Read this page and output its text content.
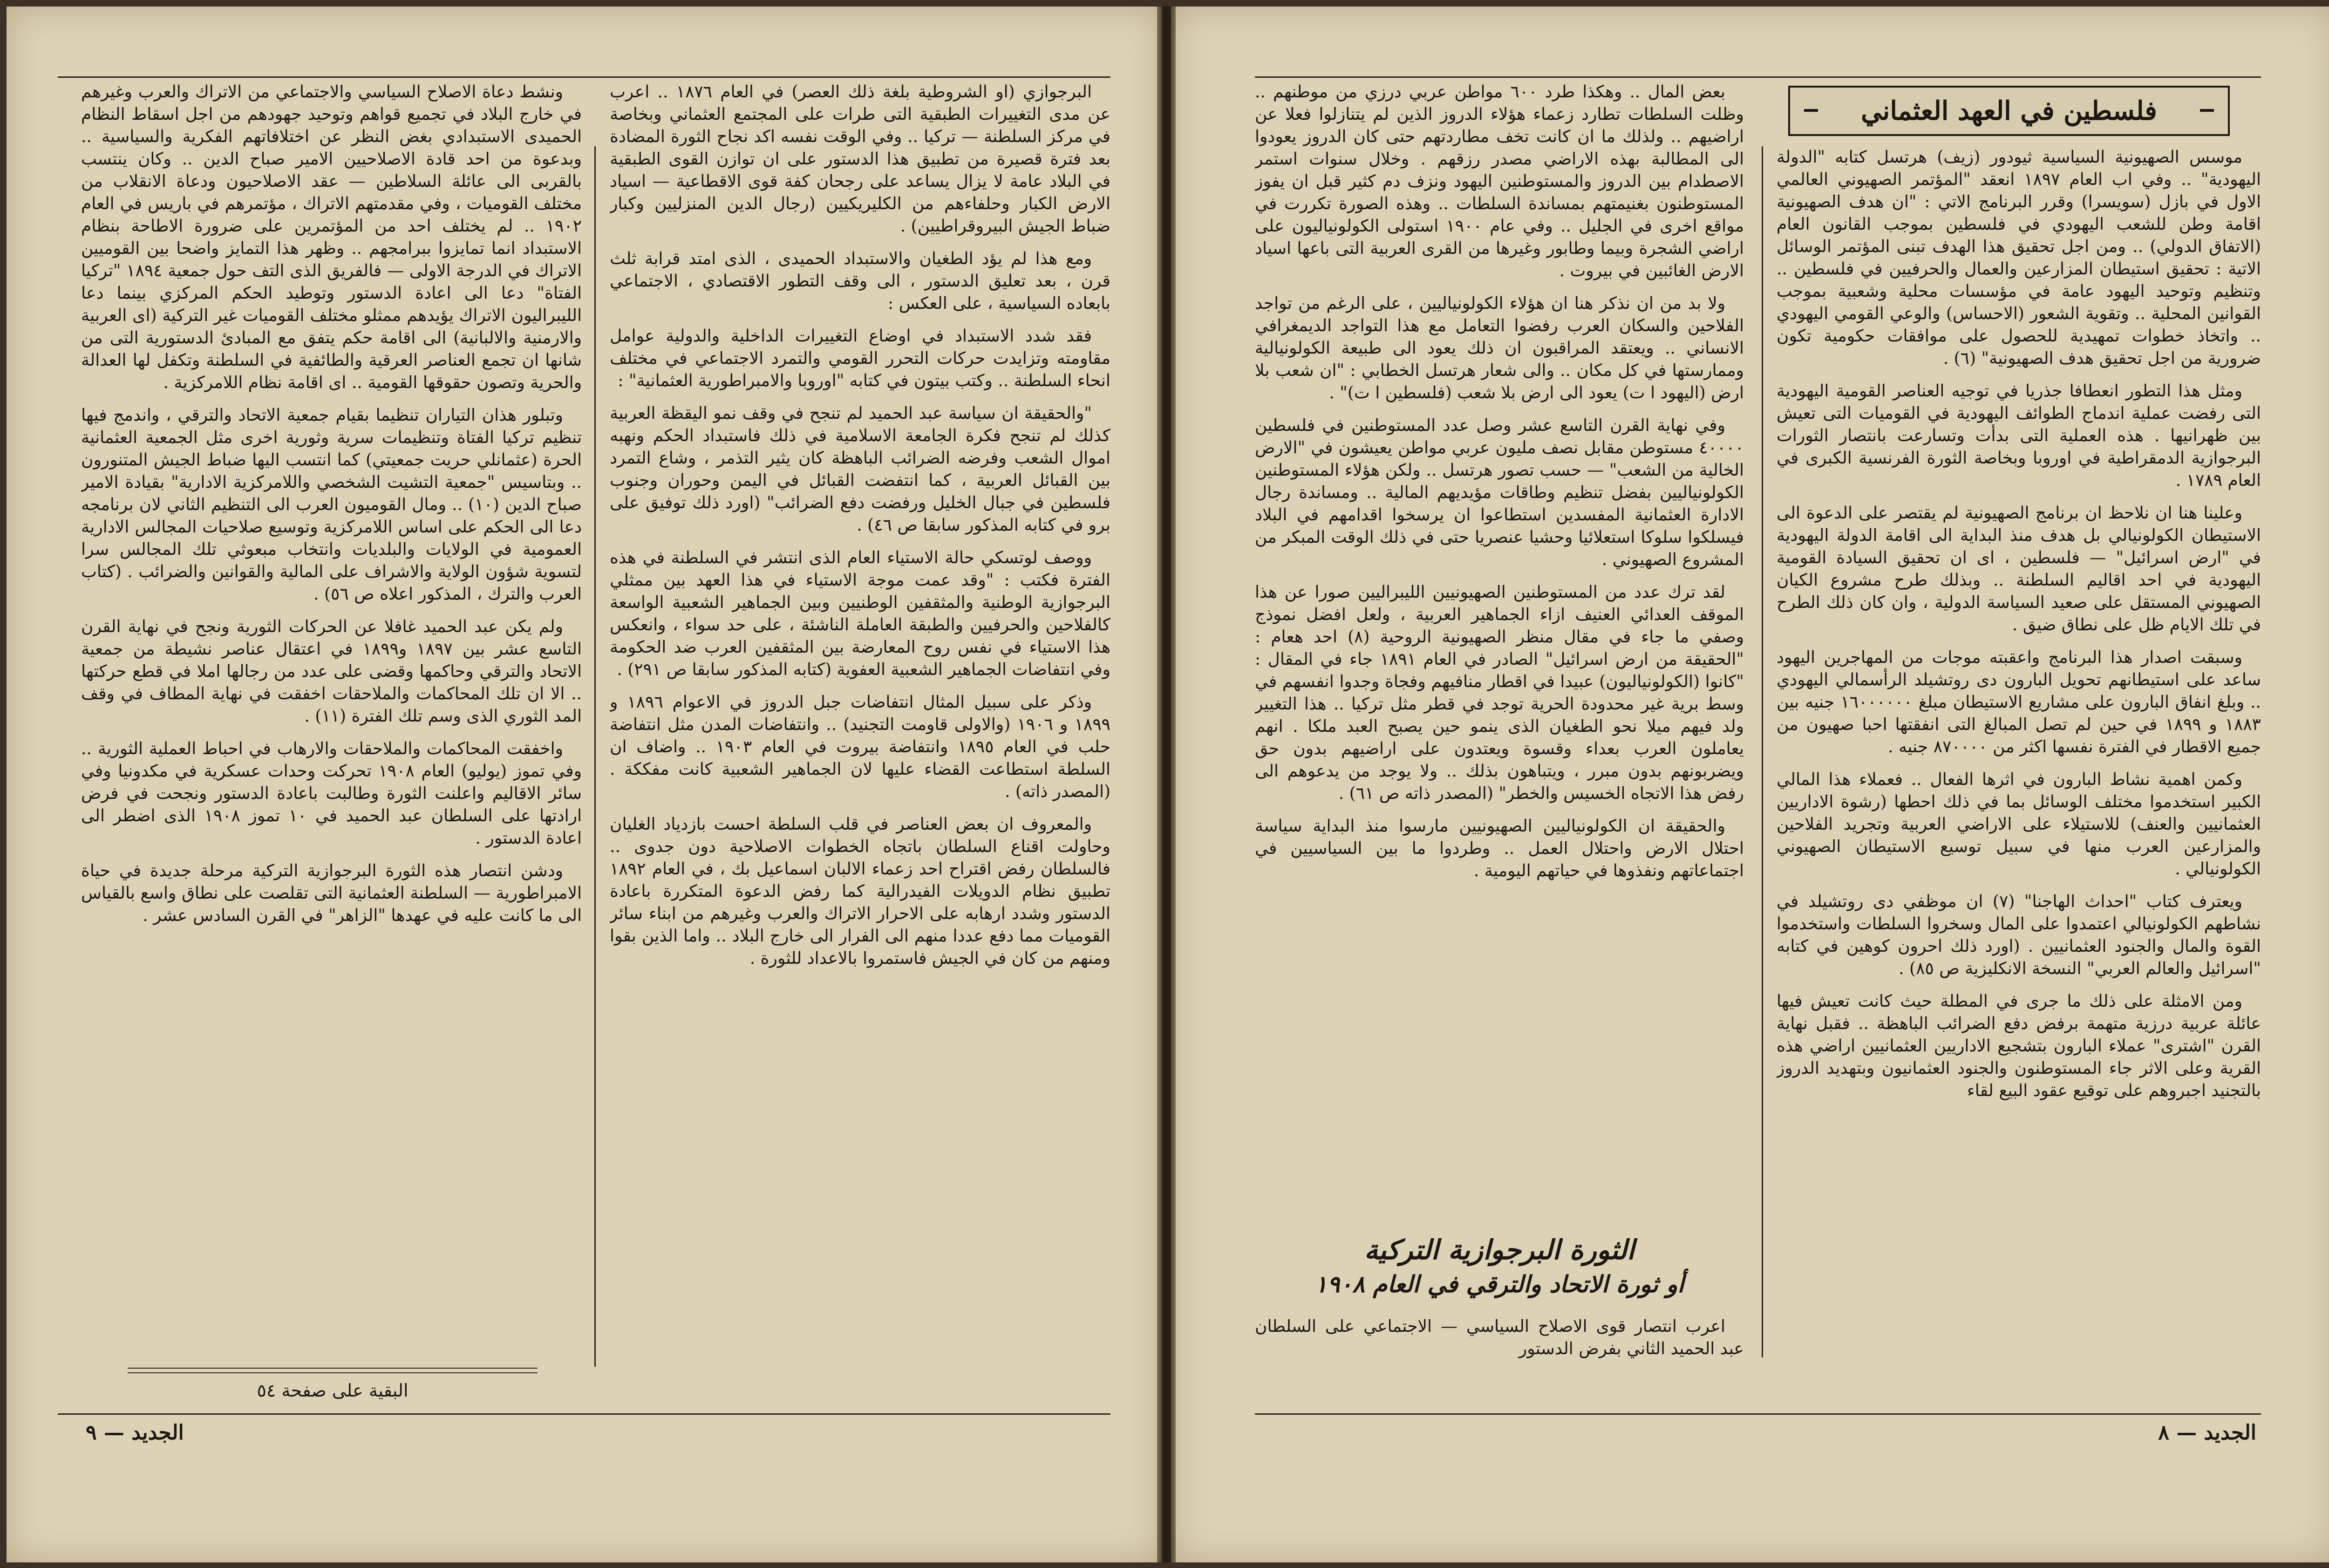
البرجوازي (او الشروطية بلغة ذلك العصر) في العام ١٨٧٦ .. اعرب عن مدى التغييرات الطبقية التى طرات على المجتمع العثماني وبخاصة في مركز السلطنة — تركيا .. وفي الوقت نفسه اكد نجاح الثورة المضادة بعد فترة قصيرة من تطبيق هذا الدستور على ان توازن القوى الطبقية في البلاد عامة لا يزال يساعد على رجحان كفة قوى الاقطاعية — اسياد الارض الكبار وحلفاءهم من الكليريكيين (رجال الدين المنزليين وكبار ضباط الجيش البيروقراطيين) .

ومع هذا لم يؤد الطغيان والاستبداد الحميدى ، الذى امتد قرابة ثلث قرن ، بعد تعليق الدستور ، الى وقف التطور الاقتصادي ، الاجتماعي بابعاده السياسية ، على العكس :

فقد شدد الاستبداد في اوضاع التغييرات الداخلية والدولية عوامل مقاومته وتزايدت حركات التحرر القومي والتمرد الاجتماعي في مختلف انحاء السلطنة .. وكتب بيتون في كتابه "اوروبا والامبراطورية العثمانية" :

"والحقيقة ان سياسة عبد الحميد لم تنجح في وقف نمو اليقظة العربية كذلك لم تنجح فكرة الجامعة الاسلامية في ذلك فاستبداد الحكم ونهبه اموال الشعب وفرضه الضرائب الباهظة كان يثير التذمر ، وشاع التمرد بين القبائل العربية ، كما انتفضت القبائل في اليمن وحوران وجنوب فلسطين في جبال الخليل ورفضت دفع الضرائب" (اورد ذلك توفيق على برو في كتابه المذكور سابقا ص ٤٦) .

ووصف لوتسكي حالة الاستياء العام الذى انتشر في السلطنة في هذه الفترة فكتب : "وقد عمت موجة الاستياء في هذا العهد بين ممثلي البرجوازية الوطنية والمثقفين الوطنيين وبين الجماهير الشعبية الواسعة كالفلاحين والحرفيين والطبقة العاملة الناشئة ، على حد سواء ، وانعكس هذا الاستياء في نفس روح المعارضة بين المثقفين العرب ضد الحكومة وفي انتفاضات الجماهير الشعبية العفوية (كتابه المذكور سابقا ص ٢٩١) .

وذكر على سبيل المثال انتفاضات جبل الدروز في الاعوام ١٨٩٦ و ١٨٩٩ و ١٩٠٦ (والاولى قاومت التجنيد) .. وانتفاضات المدن مثل انتفاضة حلب في العام ١٨٩٥ وانتفاضة بيروت في العام ١٩٠٣ .. واضاف ان السلطة استطاعت القضاء عليها لان الجماهير الشعبية كانت مفككة . (المصدر ذاته) .

والمعروف ان بعض العناصر في قلب السلطة احست بازدياد الغليان وحاولت اقناع السلطان باتجاه الخطوات الاصلاحية دون جدوى .. فالسلطان رفض اقتراح احد زعماء الالبان اسماعيل بك ، في العام ١٨٩٢ تطبيق نظام الدويلات الفيدرالية كما رفض الدعوة المتكررة باعادة الدستور وشدد ارهابه على الاحرار الاتراك والعرب وغيرهم من ابناء سائر القوميات مما دفع عددا منهم الى الفرار الى خارج البلاد .. واما الذين بقوا ومنهم من كان في الجيش فاستمروا بالاعداد للثورة .

ونشط دعاة الاصلاح السياسي والاجتماعي من الاتراك والعرب وغيرهم في خارج البلاد في تجميع قواهم وتوحيد جهودهم من اجل اسقاط النظام الحميدى الاستبدادي بغض النظر عن اختلافاتهم الفكرية والسياسية .. وبدعوة من احد قادة الاصلاحيين الامير صباح الدين .. وكان ينتسب بالقربى الى عائلة السلاطين — عقد الاصلاحيون ودعاة الانقلاب من مختلف القوميات ، وفي مقدمتهم الاتراك ، مؤتمرهم في باريس في العام ١٩٠٢ .. لم يختلف احد من المؤتمرين على ضرورة الاطاحة بنظام الاستبداد انما تمايزوا ببرامجهم .. وظهر هذا التمايز واضحا بين القوميين الاتراك في الدرجة الاولى — فالفريق الذى التف حول جمعية ١٨٩٤ "تركيا الفتاة" دعا الى اعادة الدستور وتوطيد الحكم المركزي بينما دعا الليبراليون الاتراك يؤيدهم ممثلو مختلف القوميات غير التركية (اى العربية والارمنية والالبانية) الى اقامة حكم يتفق مع المبادئ الدستورية التى من شانها ان تجمع العناصر العرقية والطائفية في السلطنة وتكفل لها العدالة والحرية وتصون حقوقها القومية .. اى اقامة نظام اللامركزية .

وتبلور هذان التياران تنظيما بقيام جمعية الاتحاد والترقي ، واندمج فيها تنظيم تركيا الفتاة وتنظيمات سرية وثورية اخرى مثل الجمعية العثمانية الحرة (عثمانلي حريت جمعيتي) كما انتسب اليها ضباط الجيش المتنورون .. وبتاسيس "جمعية التشيت الشخصي واللامركزية الادارية" بقيادة الامير صباح الدين (١٠) .. ومال القوميون العرب الى التنظيم الثاني لان برنامجه دعا الى الحكم على اساس اللامركزية وتوسيع صلاحيات المجالس الادارية العمومية في الولايات والبلديات وانتخاب مبعوثي تلك المجالس سرا لتسوية شؤون الولاية والاشراف على المالية والقوانين والضرائب . (كتاب العرب والترك ، المذكور اعلاه ص ٥٦) .

ولم يكن عبد الحميد غافلا عن الحركات الثورية ونجح في نهاية القرن التاسع عشر بين ١٨٩٧ و١٨٩٩ في اعتقال عناصر نشيطة من جمعية الاتحاد والترقي وحاكمها وقضى على عدد من رجالها املا في قطع حركتها .. الا ان تلك المحاكمات والملاحقات اخفقت في نهاية المطاف في وقف المد الثوري الذى وسم تلك الفترة (١١) .

واخفقت المحاكمات والملاحقات والارهاب في احباط العملية الثورية .. وفي تموز (يوليو) العام ١٩٠٨ تحركت وحدات عسكرية في مكدونيا وفي سائر الاقاليم واعلنت الثورة وطالبت باعادة الدستور ونجحت في فرض ارادتها على السلطان عبد الحميد في ١٠ تموز ١٩٠٨ الذى اضطر الى اعادة الدستور .

ودشن انتصار هذه الثورة البرجوازية التركية مرحلة جديدة في حياة الامبراطورية — السلطنة العثمانية التى تقلصت على نطاق واسع بالقياس الى ما كانت عليه في عهدها "الزاهر" في القرن السادس عشر .

البقية على صفحة ٥٤
الجديد — ٩
فلسطين في العهد العثماني

موسس الصهيونية السياسية ثيودور (زيف) هرتسل كتابه "الدولة اليهودية" .. وفي اب العام ١٨٩٧ انعقد "المؤتمر الصهيوني العالمي الاول في بازل (سويسرا) وقرر البرنامج الاتي : "ان هدف الصهيونية اقامة وطن للشعب اليهودي في فلسطين بموجب القانون العام (الاتفاق الدولي) .. ومن اجل تحقيق هذا الهدف تبنى المؤتمر الوسائل الاتية : تحقيق استيطان المزارعين والعمال والحرفيين في فلسطين .. وتنظيم وتوحيد اليهود عامة في مؤسسات محلية وشعبية بموجب القوانين المحلية .. وتقوية الشعور (الاحساس) والوعي القومي اليهودي .. واتخاذ خطوات تمهيدية للحصول على موافقات حكومية تكون ضرورية من اجل تحقيق هدف الصهيونية" (٦) .

ومثل هذا التطور انعطافا جذريا في توجيه العناصر القومية اليهودية التى رفضت عملية اندماج الطوائف اليهودية في القوميات التى تعيش بين ظهرانيها . هذه العملية التى بدأت وتسارعت بانتصار الثورات البرجوازية الدمقراطية في اوروبا وبخاصة الثورة الفرنسية الكبرى في العام ١٧٨٩ .

وعلينا هنا ان نلاحظ ان برنامج الصهيونية لم يقتصر على الدعوة الى الاستيطان الكولونيالي بل هدف منذ البداية الى اقامة الدولة اليهودية في "ارض اسرائيل" — فلسطين ، اى ان تحقيق السيادة القومية اليهودية في احد اقاليم السلطنة .. وبذلك طرح مشروع الكيان الصهيوني المستقل على صعيد السياسة الدولية ، وان كان ذلك الطرح في تلك الايام ظل على نطاق ضيق .

وسبقت اصدار هذا البرنامج واعقبته موجات من المهاجرين اليهود ساعد على استيطانهم تحويل البارون دى روتشيلد الرأسمالي اليهودي .. وبلغ انفاق البارون على مشاريع الاستيطان مبلغ ١٦٠٠٠٠٠٠ جنيه بين ١٨٨٣ و ١٨٩٩ في حين لم تصل المبالغ التى انفقتها احبا صهيون من جميع الاقطار في الفترة نفسها اكثر من ٨٧٠٠٠٠ جنيه .

وكمن اهمية نشاط البارون في اثرها الفعال .. فعملاء هذا المالي الكبير استخدموا مختلف الوسائل بما في ذلك احطها (رشوة الاداريين العثمانيين والعنف) للاستيلاء على الاراضي العربية وتجريد الفلاحين والمزارعين العرب منها في سبيل توسيع الاستيطان الصهيوني الكولونيالي .

ويعترف كتاب "احداث الهاجنا" (٧) ان موظفي دى روتشيلد في نشاطهم الكولونيالي اعتمدوا على المال وسخروا السلطات واستخدموا القوة والمال والجنود العثمانيين . (اورد ذلك احرون كوهين في كتابه "اسرائيل والعالم العربي" النسخة الانكليزية ص ٨٥) .

ومن الامثلة على ذلك ما جرى في المطلة حيث كانت تعيش فيها عائلة عربية درزية متهمة برفض دفع الضرائب الباهظة .. فقبل نهاية القرن "اشترى" عملاء البارون بتشجيع الاداريين العثمانيين اراضي هذه القرية وعلى الاثر جاء المستوطنون والجنود العثمانيون وبتهديد الدروز بالتجنيد اجبروهم على توقيع عقود البيع لقاء

بعض المال .. وهكذا طرد ٦٠٠ مواطن عربي درزي من موطنهم .. وظلت السلطات تطارد زعماء هؤلاء الدروز الذين لم يتنازلوا فعلا عن اراضيهم .. ولذلك ما ان كانت تخف مطاردتهم حتى كان الدروز يعودوا الى المطالبة بهذه الاراضي مصدر رزقهم . وخلال سنوات استمر الاصطدام بين الدروز والمستوطنين اليهود ونزف دم كثير قبل ان يفوز المستوطنون بغنيمتهم بمساندة السلطات .. وهذه الصورة تكررت في مواقع اخرى في الجليل .. وفي عام ١٩٠٠ استولى الكولونياليون على اراضي الشجرة وبيما وطابور وغيرها من القرى العربية التى باعها اسياد الارض الغائبين في بيروت .

ولا بد من ان نذكر هنا ان هؤلاء الكولونياليين ، على الرغم من تواجد الفلاحين والسكان العرب رفضوا التعامل مع هذا التواجد الديمغرافي الانساني .. ويعتقد المراقبون ان ذلك يعود الى طبيعة الكولونيالية وممارستها في كل مكان .. والى شعار هرتسل الخطابي : "ان شعب بلا ارض (اليهود ا ت) يعود الى ارض بلا شعب (فلسطين ا ت)" .

وفي نهاية القرن التاسع عشر وصل عدد المستوطنين في فلسطين ٤٠٠٠٠ مستوطن مقابل نصف مليون عربي مواطن يعيشون في "الارض الخالية من الشعب" — حسب تصور هرتسل .. ولكن هؤلاء المستوطنين الكولونياليين بفضل تنظيم وطاقات مؤيديهم المالية .. ومساندة رجال الادارة العثمانية المفسدين استطاعوا ان يرسخوا اقدامهم في البلاد فيسلكوا سلوكا استعلائيا وحشيا عنصريا حتى في ذلك الوقت المبكر من المشروع الصهيوني .

لقد ترك عدد من المستوطنين الصهيونيين الليبراليين صورا عن هذا الموقف العدائي العنيف ازاء الجماهير العربية ، ولعل افضل نموذج وصفي ما جاء في مقال منظر الصهيونية الروحية (٨) احد هعام : "الحقيقة من ارض اسرائيل" الصادر في العام ١٨٩١ جاء في المقال : "كانوا (الكولونياليون) عبيدا في اقطار منافيهم وفجاة وجدوا انفسهم في وسط برية غير محدودة الحرية توجد في قطر مثل تركيا .. هذا التغيير ولد فيهم ميلا نحو الطغيان الذى ينمو حين يصبح العبد ملكا . انهم يعاملون العرب بعداء وقسوة ويعتدون على اراضيهم بدون حق ويضربونهم بدون مبرر ، ويتباهون بذلك .. ولا يوجد من يدعوهم الى رفض هذا الاتجاه الخسيس والخطر" (المصدر ذاته ص ٦١) .

والحقيقة ان الكولونياليين الصهيونيين مارسوا منذ البداية سياسة احتلال الارض واحتلال العمل .. وطردوا ما بين السياسيين في اجتماعاتهم ونفذوها في حياتهم اليومية .

الثورة البرجوازية التركية
أو ثورة الاتحاد والترقي في العام ١٩٠٨

اعرب انتصار قوى الاصلاح السياسي — الاجتماعي على السلطان عبد الحميد الثاني بفرض الدستور

الجديد — ٨
